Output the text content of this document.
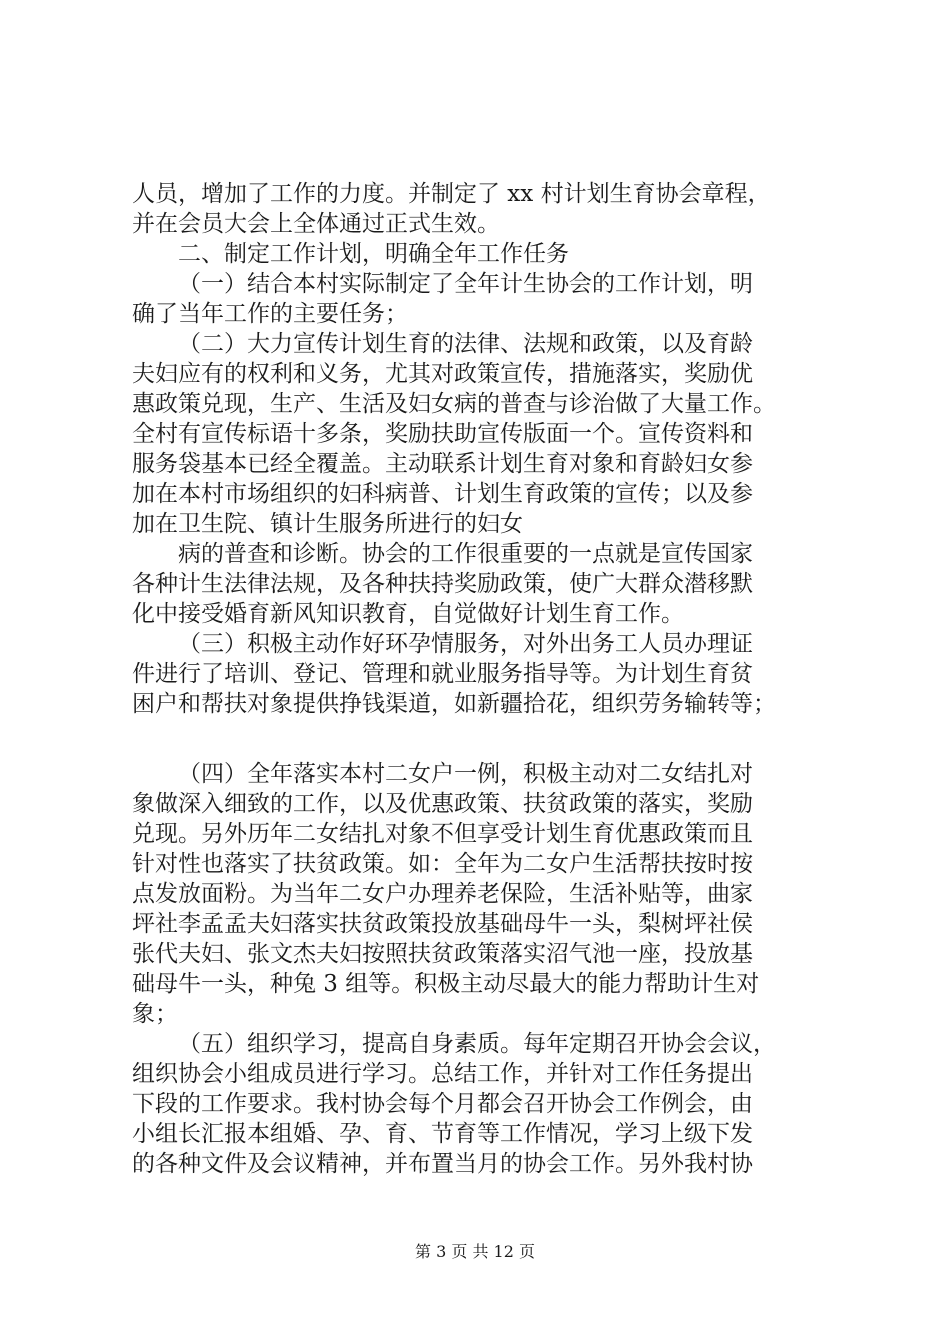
人员，增加了工作的力度。并制定了 xx 村计划生育协会章程，

并在会员大会上全体通过正式生效。

二、制定工作计划，明确全年工作任务

（一）结合本村实际制定了全年计生协会的工作计划，明

确了当年工作的主要任务；

（二）大力宣传计划生育的法律、法规和政策，以及育龄

夫妇应有的权利和义务，尤其对政策宣传，措施落实，奖励优

惠政策兑现，生产、生活及妇女病的普查与诊治做了大量工作。

全村有宣传标语十多条，奖励扶助宣传版面一个。宣传资料和

服务袋基本已经全覆盖。主动联系计划生育对象和育龄妇女参

加在本村市场组织的妇科病普、计划生育政策的宣传；以及参

加在卫生院、镇计生服务所进行的妇女

病的普查和诊断。协会的工作很重要的一点就是宣传国家

各种计生法律法规，及各种扶持奖励政策，使广大群众潜移默

化中接受婚育新风知识教育，自觉做好计划生育工作。

（三）积极主动作好环孕情服务，对外出务工人员办理证

件进行了培训、登记、管理和就业服务指导等。为计划生育贫

困户和帮扶对象提供挣钱渠道，如新疆拾花，组织劳务输转等；

（四）全年落实本村二女户一例，积极主动对二女结扎对

象做深入细致的工作，以及优惠政策、扶贫政策的落实，奖励

兑现。另外历年二女结扎对象不但享受计划生育优惠政策而且

针对性也落实了扶贫政策。如：全年为二女户生活帮扶按时按

点发放面粉。为当年二女户办理养老保险，生活补贴等，曲家

坪社李孟孟夫妇落实扶贫政策投放基础母牛一头，梨树坪社侯

张代夫妇、张文杰夫妇按照扶贫政策落实沼气池一座，投放基

础母牛一头，种兔 3 组等。积极主动尽最大的能力帮助计生对

象；

（五）组织学习，提高自身素质。每年定期召开协会会议，

组织协会小组成员进行学习。总结工作，并针对工作任务提出

下段的工作要求。我村协会每个月都会召开协会工作例会，由

小组长汇报本组婚、孕、育、节育等工作情况，学习上级下发

的各种文件及会议精神，并布置当月的协会工作。另外我村协

第 3 页 共 12 页
